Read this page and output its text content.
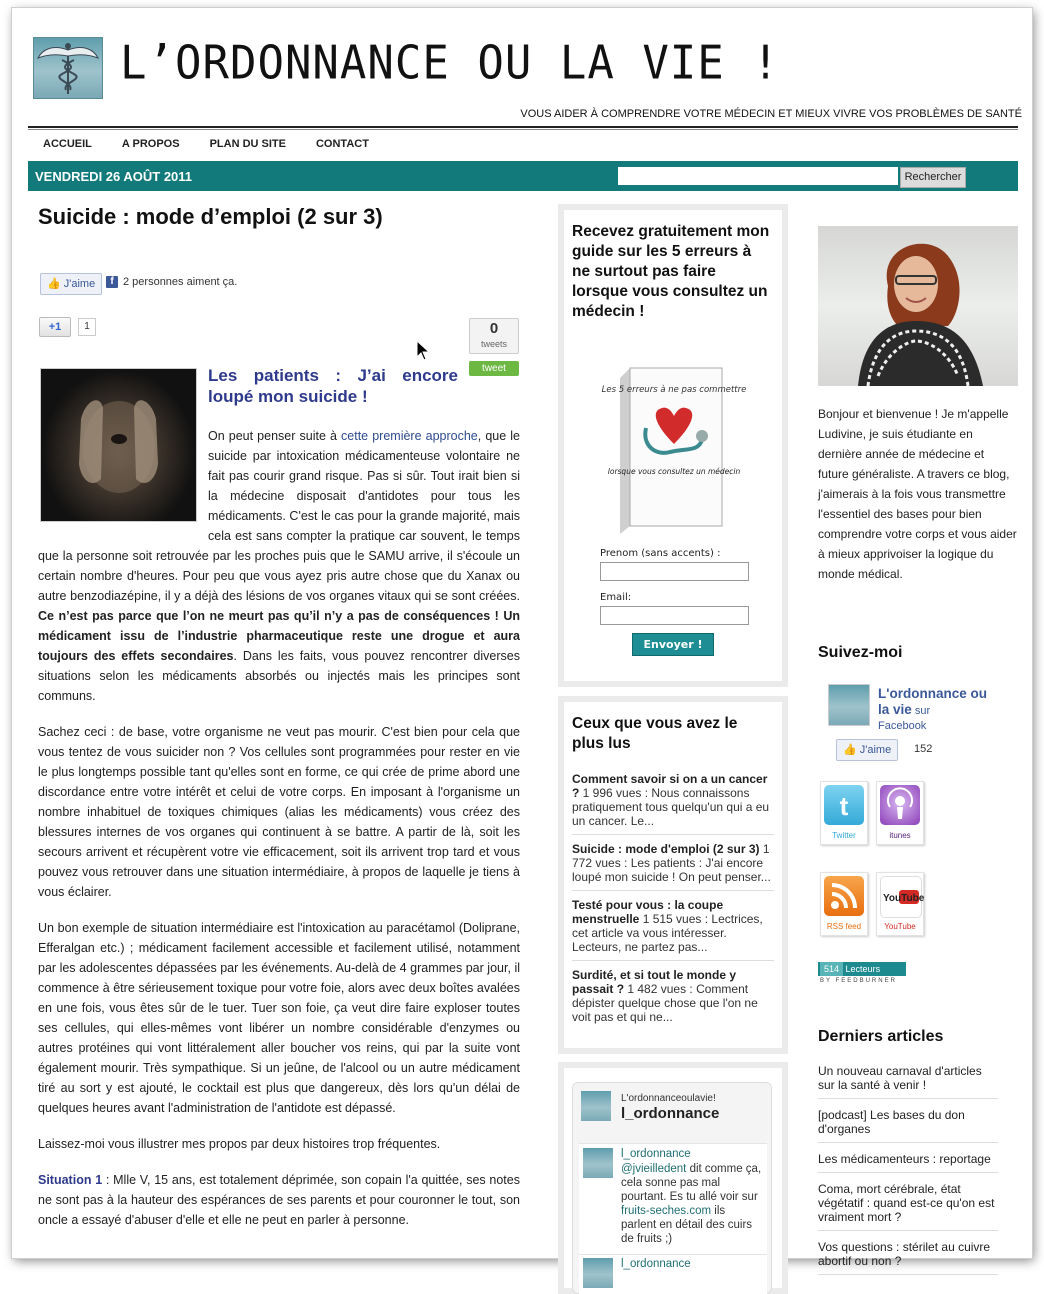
L’ORDONNANCE OU LA VIE !
VOUS AIDER À COMPRENDRE VOTRE MÉDECIN ET MIEUX VIVRE VOS PROBLÈMES DE SANTÉ
ACCUEIL	A PROPOS	PLAN DU SITE	CONTACT
VENDREDI 26 AOÛT 2011	Rechercher
Suicide : mode d’emploi (2 sur 3)
👍 J'aime	f 2 personnes aiment ça.
+1	1	0
tweets
tweet
Les patients : J’ai encore loupé mon suicide !

On peut penser suite à cette première approche, que le suicide par intoxication médicamenteuse volontaire ne fait pas courir grand risque. Pas si sûr. Tout irait bien si la médecine disposait d'antidotes pour tous les médicaments. C'est le cas pour la grande majorité, mais cela est sans compter la pratique car souvent, le temps que la personne soit retrouvée par les proches puis que le SAMU arrive, il s'écoule un certain nombre d'heures. Pour peu que vous ayez pris autre chose que du Xanax ou autre benzodiazépine, il y a déjà des lésions de vos organes vitaux qui se sont créées. Ce n’est pas parce que l’on ne meurt pas qu’il n’y a pas de conséquences ! Un médicament issu de l’industrie pharmaceutique reste une drogue et aura toujours des effets secondaires. Dans les faits, vous pouvez rencontrer diverses situations selon les médicaments absorbés ou injectés mais les principes sont communs.

Sachez ceci : de base, votre organisme ne veut pas mourir. C'est bien pour cela que vous tentez de vous suicider non ? Vos cellules sont programmées pour rester en vie le plus longtemps possible tant qu'elles sont en forme, ce qui crée de prime abord une discordance entre votre intérêt et celui de votre corps. En imposant à l'organisme un nombre inhabituel de toxiques chimiques (alias les médicaments) vous créez des blessures internes de vos organes qui continuent à se battre. A partir de là, soit les secours arrivent et récupèrent votre vie efficacement, soit ils arrivent trop tard et vous pouvez vous retrouver dans une situation intermédiaire, à propos de laquelle je tiens à vous éclairer.

Un bon exemple de situation intermédiaire est l'intoxication au paracétamol (Doliprane, Efferalgan etc.) ; médicament facilement accessible et facilement utilisé, notamment par les adolescentes dépassées par les événements. Au-delà de 4 grammes par jour, il commence à être sérieusement toxique pour votre foie, alors avec deux boîtes avalées en une fois, vous êtes sûr de le tuer. Tuer son foie, ça veut dire faire exploser toutes ses cellules, qui elles-mêmes vont libérer un nombre considérable d'enzymes ou autres protéines qui vont littéralement aller boucher vos reins, qui par la suite vont également mourir. Très sympathique. Si un jeûne, de l'alcool ou un autre médicament tiré au sort y est ajouté, le cocktail est plus que dangereux, dès lors qu'un délai de quelques heures avant l'administration de l'antidote est dépassé.

Laissez-moi vous illustrer mes propos par deux histoires trop fréquentes.

Situation 1 : Mlle V, 15 ans, est totalement déprimée, son copain l'a quittée, ses notes ne sont pas à la hauteur des espérances de ses parents et pour couronner le tout, son oncle a essayé d'abuser d'elle et elle ne peut en parler à personne.

Recevez gratuitement mon guide sur les 5 erreurs à ne surtout pas faire lorsque vous consultez un médecin !
Les 5 erreurs à ne pas commettre
lorsque vous consultez un médecin
Prenom (sans accents) :
Email:
Envoyer !
Ceux que vous avez le plus lus
Comment savoir si on a un cancer ? 1 996 vues : Nous connaissons pratiquement tous quelqu'un qui a eu un cancer. Le...
Suicide : mode d'emploi (2 sur 3) 1 772 vues : Les patients : J'ai encore loupé mon suicide ! On peut penser...
Testé pour vous : la coupe menstruelle 1 515 vues : Lectrices, cet article va vous intéresser. Lecteurs, ne partez pas...
Surdité, et si tout le monde y passait ? 1 482 vues : Comment dépister quelque chose que l'on ne voit pas et qui ne...
L'ordonnanceoulavie!
l_ordonnance
l_ordonnance
@jvieilledent dit comme ça, cela sonne pas mal pourtant. Es tu allé voir sur fruits-seches.com ils parlent en détail des cuirs de fruits ;)
l_ordonnance
Bonjour et bienvenue ! Je m'appelle Ludivine, je suis étudiante en dernière année de médecine et future généraliste. A travers ce blog, j'aimerais à la fois vous transmettre l'essentiel des bases pour bien comprendre votre corps et vous aider à mieux apprivoiser la logique du monde médical.
Suivez-moi
L'ordonnance ou la vie sur
Facebook
👍 J'aime	152
t
Twitter	itunes
RSS feed
YouTube
YouTube
514 Lecteurs
BY FEEDBURNER
Derniers articles
Un nouveau carnaval d'articles sur la santé à venir !
[podcast] Les bases du don d'organes
Les médicamenteurs : reportage
Coma, mort cérébrale, état végétatif : quand est-ce qu'on est vraiment mort ?
Vos questions : stérilet au cuivre abortif ou non ?
